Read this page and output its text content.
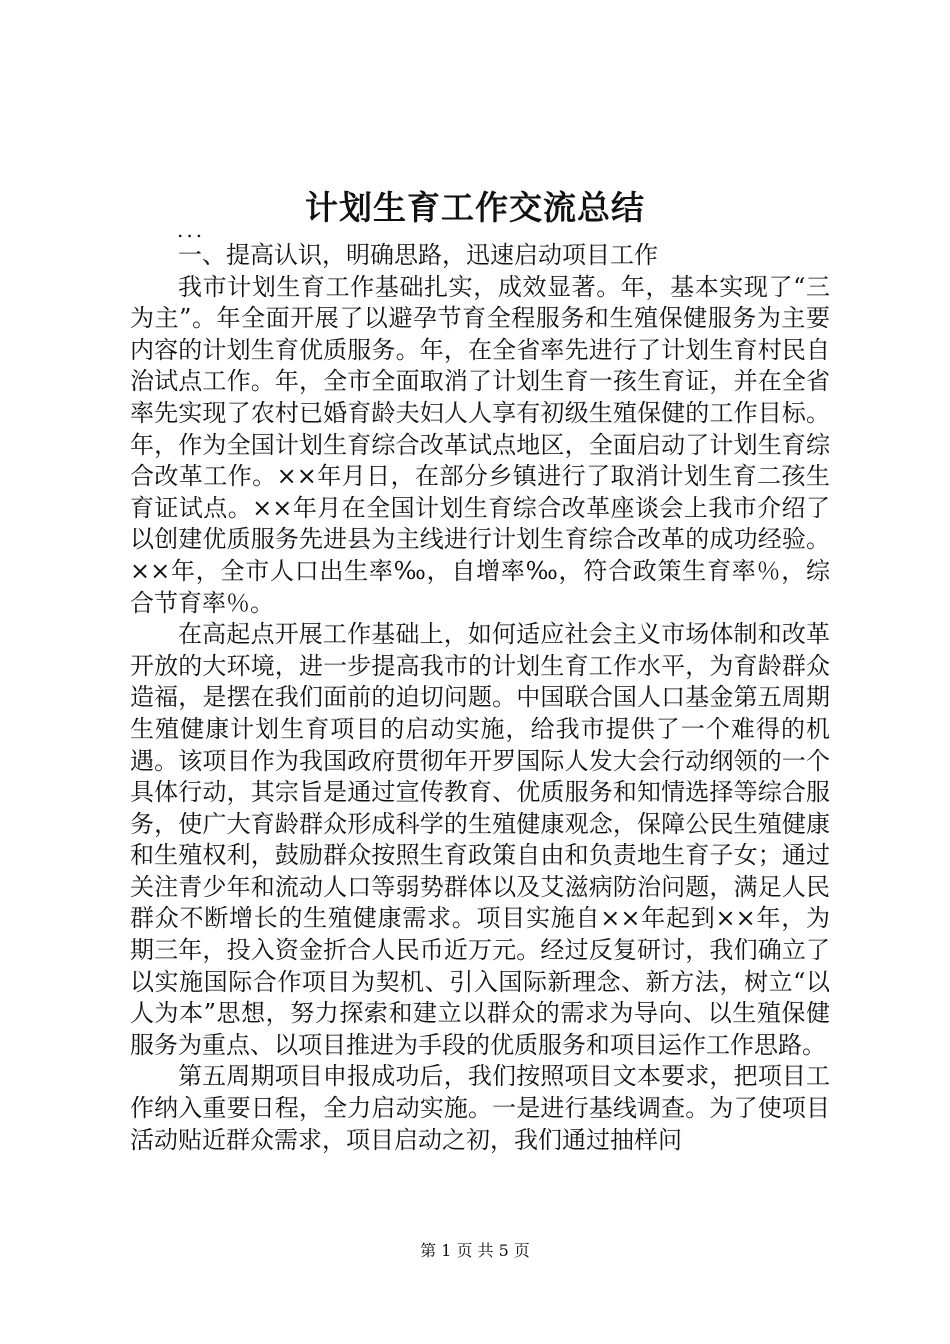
计划生育工作交流总结
...

一、提高认识，明确思路，迅速启动项目工作

我市计划生育工作基础扎实，成效显著。年，基本实现了“三为主”。年全面开展了以避孕节育全程服务和生殖保健服务为主要内容的计划生育优质服务。年，在全省率先进行了计划生育村民自治试点工作。年，全市全面取消了计划生育一孩生育证，并在全省率先实现了农村已婚育龄夫妇人人享有初级生殖保健的工作目标。年，作为全国计划生育综合改革试点地区，全面启动了计划生育综合改革工作。××年月日，在部分乡镇进行了取消计划生育二孩生育证试点。××年月在全国计划生育综合改革座谈会上我市介绍了以创建优质服务先进县为主线进行计划生育综合改革的成功经验。××年，全市人口出生率‰，自增率‰，符合政策生育率％，综合节育率％。

在高起点开展工作基础上，如何适应社会主义市场体制和改革开放的大环境，进一步提高我市的计划生育工作水平，为育龄群众造福，是摆在我们面前的迫切问题。中国联合国人口基金第五周期生殖健康计划生育项目的启动实施，给我市提供了一个难得的机遇。该项目作为我国政府贯彻年开罗国际人发大会行动纲领的一个具体行动，其宗旨是通过宣传教育、优质服务和知情选择等综合服务，使广大育龄群众形成科学的生殖健康观念，保障公民生殖健康和生殖权利，鼓励群众按照生育政策自由和负责地生育子女；通过关注青少年和流动人口等弱势群体以及艾滋病防治问题，满足人民群众不断增长的生殖健康需求。项目实施自××年起到××年，为期三年，投入资金折合人民币近万元。经过反复研讨，我们确立了以实施国际合作项目为契机、引入国际新理念、新方法，树立“以人为本”思想，努力探索和建立以群众的需求为导向、以生殖保健服务为重点、以项目推进为手段的优质服务和项目运作工作思路。

第五周期项目申报成功后，我们按照项目文本要求，把项目工作纳入重要日程，全力启动实施。一是进行基线调查。为了使项目活动贴近群众需求，项目启动之初，我们通过抽样问

第 1 页 共 5 页
